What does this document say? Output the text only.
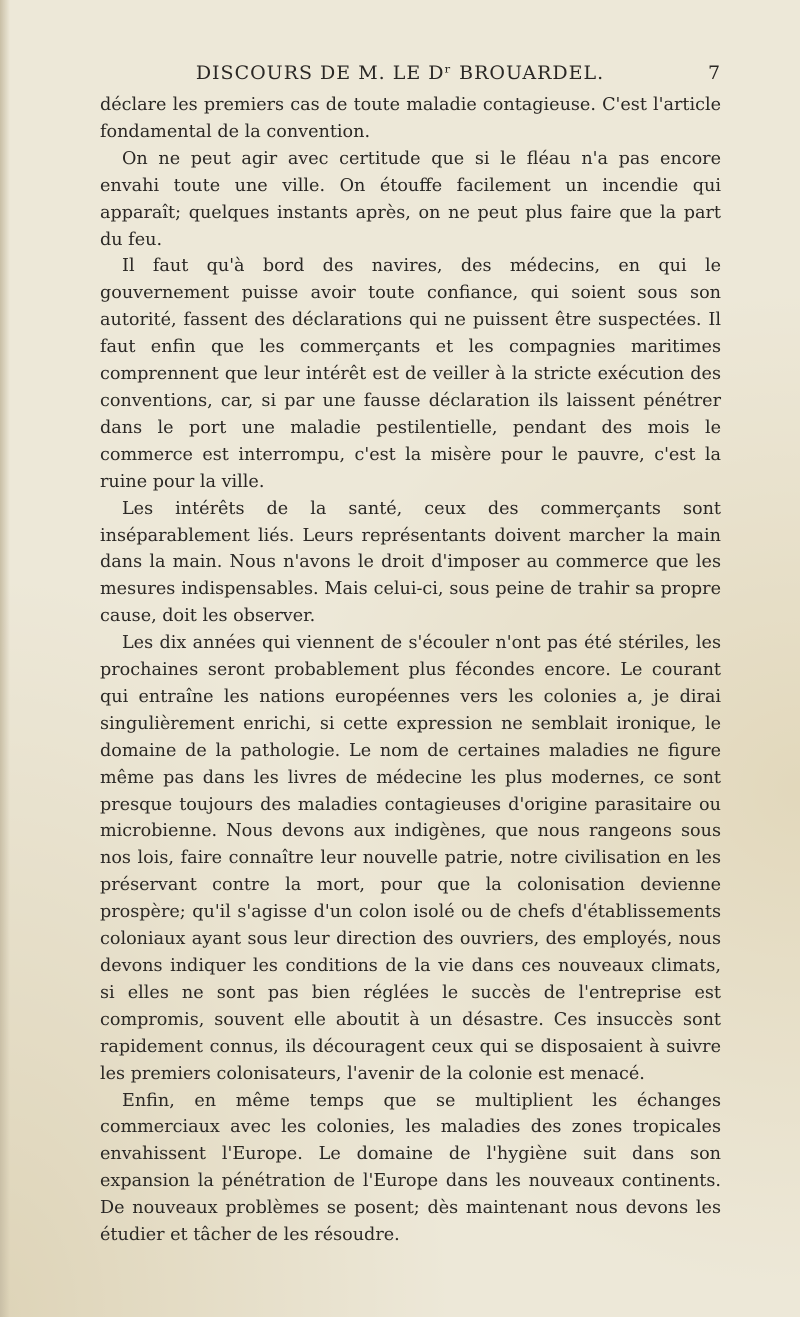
DISCOURS DE M. LE Dʳ BROUARDEL.	7

déclare les premiers cas de toute maladie contagieuse. C'est l'article fondamental de la convention.

On ne peut agir avec certitude que si le fléau n'a pas encore envahi toute une ville. On étouffe facilement un incendie qui apparaît; quelques instants après, on ne peut plus faire que la part du feu.

Il faut qu'à bord des navires, des médecins, en qui le gouvernement puisse avoir toute confiance, qui soient sous son autorité, fassent des déclarations qui ne puissent être suspectées. Il faut enfin que les commerçants et les compagnies maritimes comprennent que leur intérêt est de veiller à la stricte exécution des conventions, car, si par une fausse déclaration ils laissent pénétrer dans le port une maladie pestilentielle, pendant des mois le commerce est interrompu, c'est la misère pour le pauvre, c'est la ruine pour la ville.

Les intérêts de la santé, ceux des commerçants sont inséparablement liés. Leurs représentants doivent marcher la main dans la main. Nous n'avons le droit d'imposer au commerce que les mesures indispensables. Mais celui-ci, sous peine de trahir sa propre cause, doit les observer.

Les dix années qui viennent de s'écouler n'ont pas été stériles, les prochaines seront probablement plus fécondes encore. Le courant qui entraîne les nations européennes vers les colonies a, je dirai singulièrement enrichi, si cette expression ne semblait ironique, le domaine de la pathologie. Le nom de certaines maladies ne figure même pas dans les livres de médecine les plus modernes, ce sont presque toujours des maladies contagieuses d'origine parasitaire ou microbienne. Nous devons aux indigènes, que nous rangeons sous nos lois, faire connaître leur nouvelle patrie, notre civilisation en les préservant contre la mort, pour que la colonisation devienne prospère; qu'il s'agisse d'un colon isolé ou de chefs d'établissements coloniaux ayant sous leur direction des ouvriers, des employés, nous devons indiquer les conditions de la vie dans ces nouveaux climats, si elles ne sont pas bien réglées le succès de l'entreprise est compromis, souvent elle aboutit à un désastre. Ces insuccès sont rapidement connus, ils découragent ceux qui se disposaient à suivre les premiers colonisateurs, l'avenir de la colonie est menacé.

Enfin, en même temps que se multiplient les échanges commerciaux avec les colonies, les maladies des zones tropicales envahissent l'Europe. Le domaine de l'hygiène suit dans son expansion la pénétration de l'Europe dans les nouveaux continents. De nouveaux problèmes se posent; dès maintenant nous devons les étudier et tâcher de les résoudre.
